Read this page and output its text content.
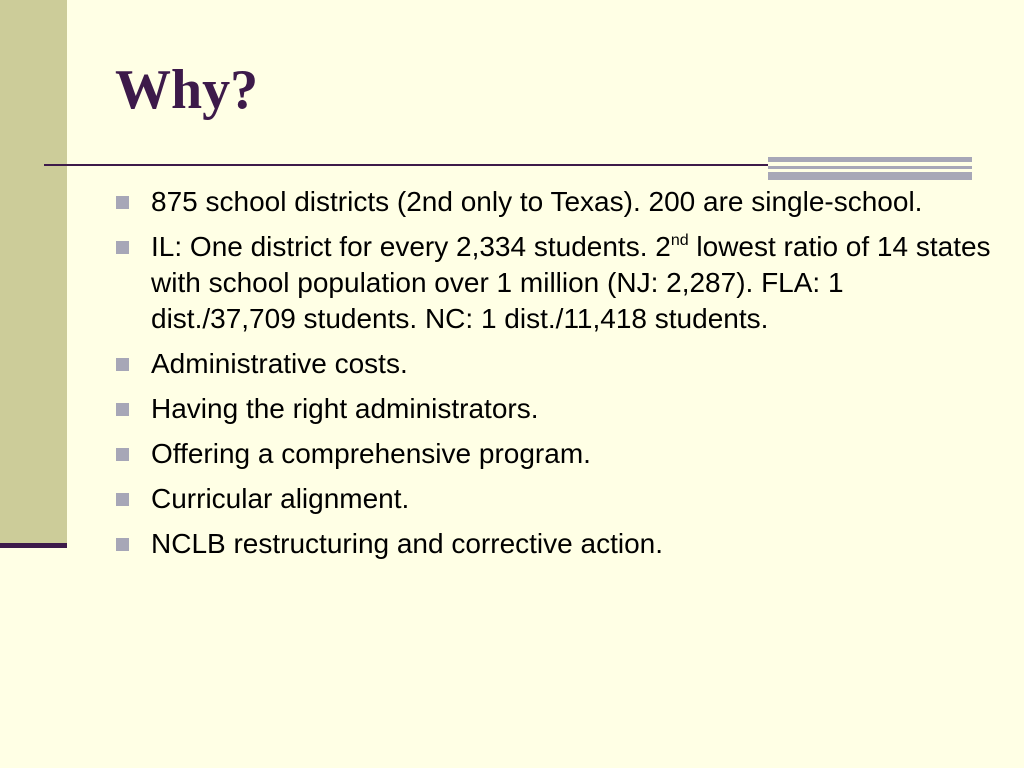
Why?
875 school districts (2nd only to Texas). 200 are single-school.
IL: One district for every 2,334 students. 2nd lowest ratio of 14 states with school population over 1 million (NJ: 2,287). FLA: 1 dist./37,709 students. NC: 1 dist./11,418 students.
Administrative costs.
Having the right administrators.
Offering a comprehensive program.
Curricular alignment.
NCLB restructuring and corrective action.
